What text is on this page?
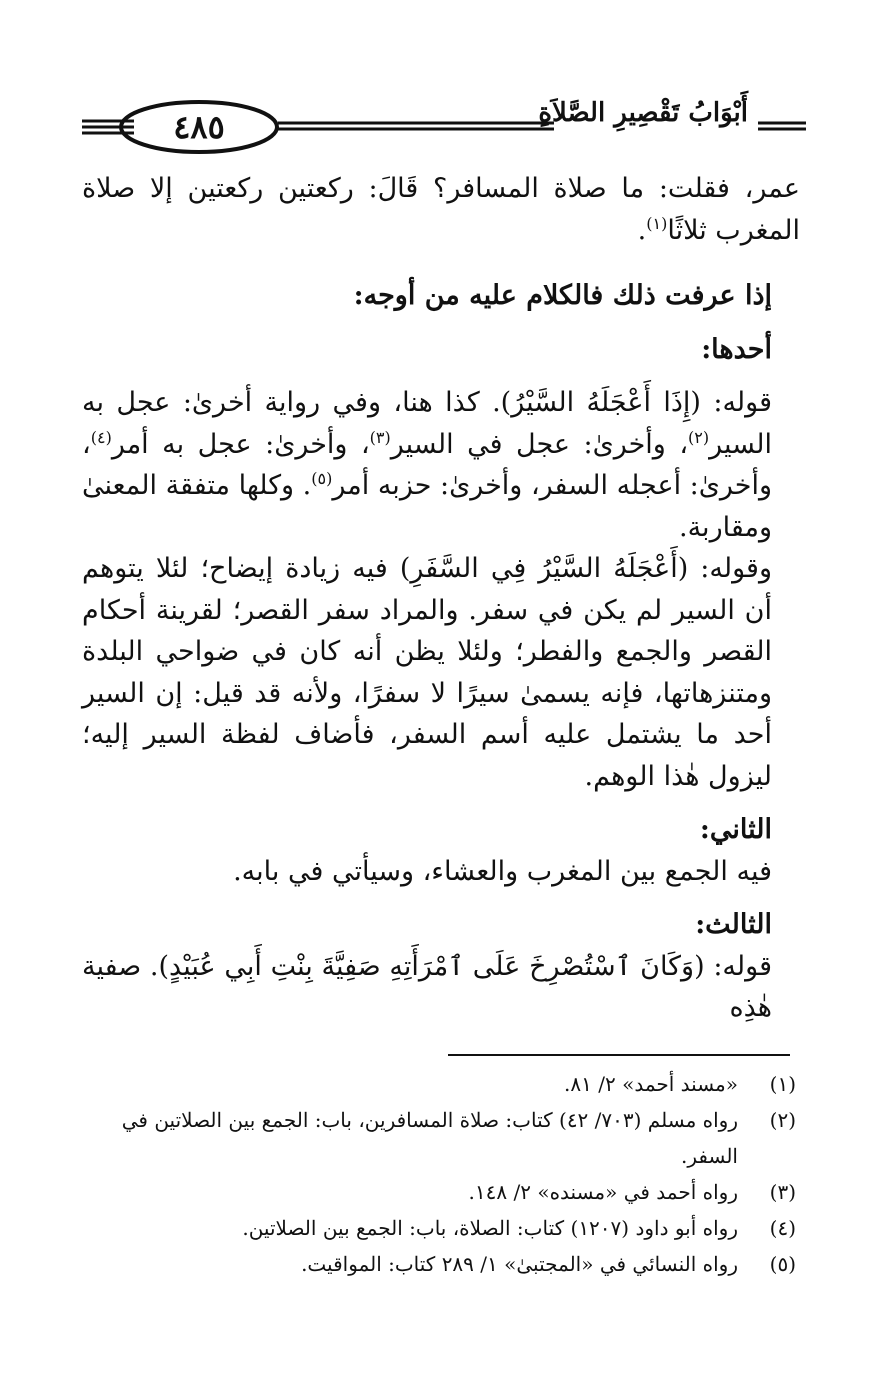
٤٨٥	أَبْوَابُ تَقْصِيرِ الصَّلاَةِ

عمر، فقلت: ما صلاة المسافر؟ قَالَ: ركعتين ركعتين إلا صلاة المغرب ثلاثًا$^{(١)}$.

إذا عرفت ذلك فالكلام عليه من أوجه:

أحدها:

قوله: (إِذَا أَعْجَلَهُ السَّيْرُ). كذا هنا، وفي رواية أخرىٰ: عجل به السير$^{(٢)}$، وأخرىٰ: عجل في السير$^{(٣)}$، وأخرىٰ: عجل به أمر$^{(٤)}$، وأخرىٰ: أعجله السفر، وأخرىٰ: حزبه أمر$^{(٥)}$. وكلها متفقة المعنىٰ ومقاربة.

وقوله: (أَعْجَلَهُ السَّيْرُ فِي السَّفَرِ) فيه زيادة إيضاح؛ لئلا يتوهم أن السير لم يكن في سفر. والمراد سفر القصر؛ لقرينة أحكام القصر والجمع والفطر؛ ولئلا يظن أنه كان في ضواحي البلدة ومتنزهاتها، فإنه يسمىٰ سيرًا لا سفرًا، ولأنه قد قيل: إن السير أحد ما يشتمل عليه أسم السفر، فأضاف لفظة السير إليه؛ ليزول هٰذا الوهم.

الثاني:

فيه الجمع بين المغرب والعشاء، وسيأتي في بابه.

الثالث:

قوله: (وَكَانَ ٱسْتُصْرِخَ عَلَى ٱمْرَأَتِهِ صَفِيَّةَ بِنْتِ أَبِي عُبَيْدٍ). صفية هٰذِه

(١)
«مسند أحمد» ٢/ ٨١.

(٢)
رواه مسلم (٧٠٣/ ٤٢) كتاب: صلاة المسافرين، باب: الجمع بين الصلاتين في السفر.

(٣)
رواه أحمد في «مسنده» ٢/ ١٤٨.

(٤)
رواه أبو داود (١٢٠٧) كتاب: الصلاة، باب: الجمع بين الصلاتين.

(٥)
رواه النسائي في «المجتبىٰ» ١/ ٢٨٩ كتاب: المواقيت.
